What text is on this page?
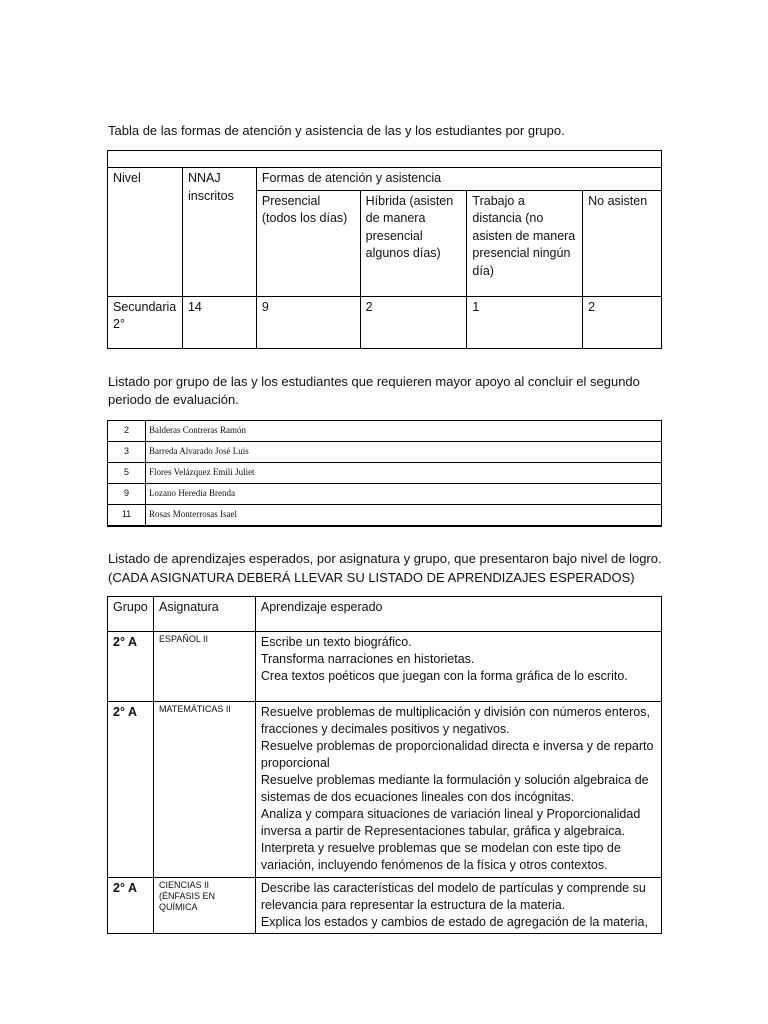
Tabla de las formas de atención y asistencia de las y los estudiantes por grupo.

Nivel	NNAJ inscritos	Formas de atención y asistencia			
		Presencial (todos los días)	Híbrida (asisten de manera presencial algunos días)	Trabajo a distancia (no asisten de manera presencial ningún día)	No asisten
Secundaria 2°	14	9	2	1	2

Listado por grupo de las y los estudiantes que requieren mayor apoyo al concluir el segundo periodo de evaluación.

2	Balderas Contreras Ramón
3	Barreda Alvarado José Luis
5	Flores Velázquez Emili Juliet
9	Lozano Heredia Brenda
11	Rosas Monterrosas Isael

Listado de aprendizajes esperados, por asignatura y grupo, que presentaron bajo nivel de logro.

(CADA ASIGNATURA DEBERÁ LLEVAR SU LISTADO DE APRENDIZAJES ESPERADOS)

Grupo	Asignatura	Aprendizaje esperado
2° A	ESPAÑOL II	Escribe un texto biográfico.
Transforma narraciones en historietas.
Crea textos poéticos que juegan con la forma gráfica de lo escrito.

2° A	MATEMÁTICAS II	Resuelve problemas de multiplicación y división con números enteros, fracciones y decimales positivos y negativos.
Resuelve problemas de proporcionalidad directa e inversa y de reparto proporcional
Resuelve problemas mediante la formulación y solución algebraica de sistemas de dos ecuaciones lineales con dos incógnitas.
Analiza y compara situaciones de variación lineal y Proporcionalidad inversa a partir de Representaciones tabular, gráfica y algebraica.
Interpreta y resuelve problemas que se modelan con este tipo de variación, incluyendo fenómenos de la física y otros contextos.

2° A	CIENCIAS II (ÉNFASIS EN QUÍMICA	Describe las características del modelo de partículas y comprende su relevancia para representar la estructura de la materia.
Explica los estados y cambios de estado de agregación de la materia,
